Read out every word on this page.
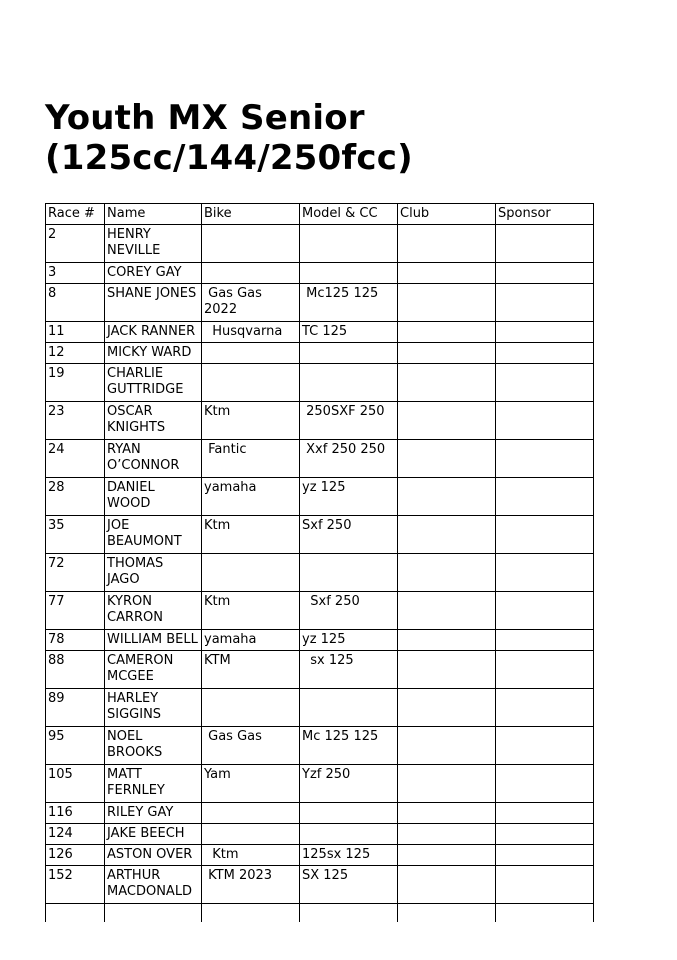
Youth MX Senior
(125cc/144/250fcc)
Race #	Name	Bike	Model & CC	Club	Sponsor
2	HENRY NEVILLE				
3	COREY GAY				
8	SHANE JONES	Gas Gas 2022	Mc125 125		
11	JACK RANNER	Husqvarna	TC 125		
12	MICKY WARD				
19	CHARLIE GUTTRIDGE				
23	OSCAR KNIGHTS	Ktm	250SXF 250		
24	RYAN O’CONNOR	Fantic	Xxf 250 250		
28	DANIEL WOOD	yamaha	yz 125		
35	JOE BEAUMONT	Ktm	Sxf 250		
72	THOMAS JAGO				
77	KYRON CARRON	Ktm	Sxf 250		
78	WILLIAM BELL	yamaha	yz 125		
88	CAMERON MCGEE	KTM	sx 125		
89	HARLEY SIGGINS				
95	NOEL BROOKS	Gas Gas	Mc 125 125		
105	MATT FERNLEY	Yam	Yzf 250		
116	RILEY GAY				
124	JAKE BEECH				
126	ASTON OVER	Ktm	125sx 125		
152	ARTHUR MACDONALD	KTM 2023	SX 125		
